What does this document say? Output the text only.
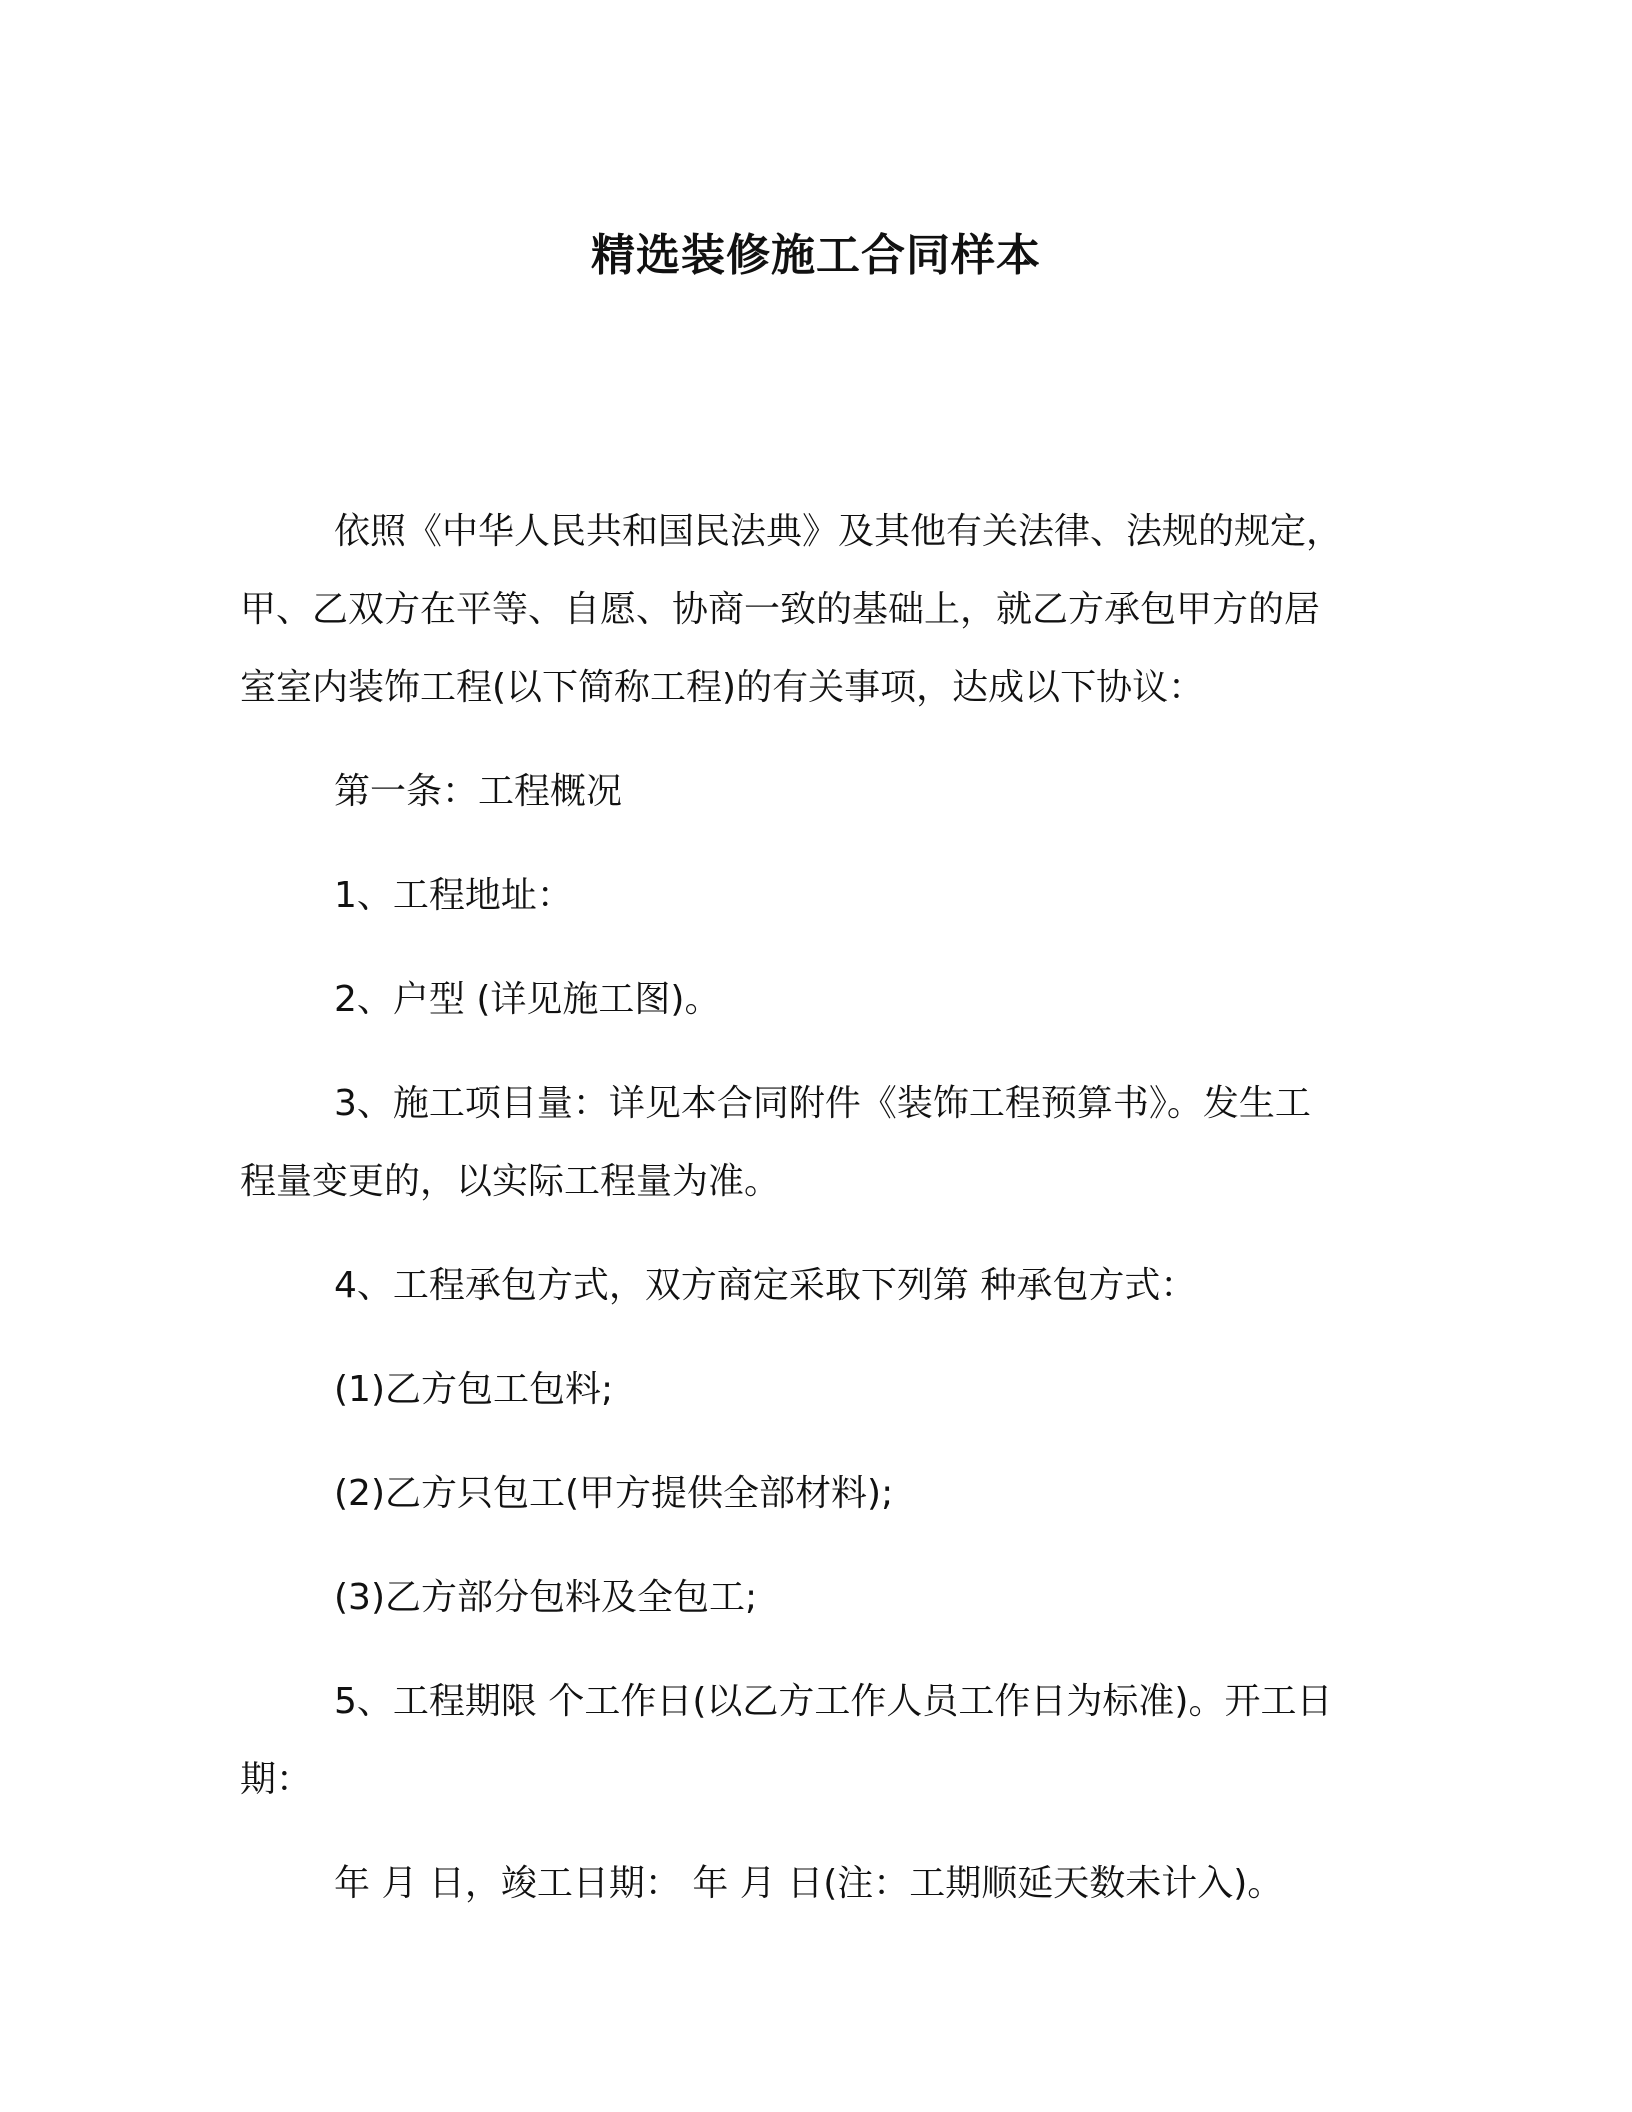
精选装修施工合同样本

依照《中华人民共和国民法典》及其他有关法律、法规的规定，
甲、乙双方在平等、自愿、协商一致的基础上，就乙方承包甲方的居
室室内装饰工程(以下简称工程)的有关事项，达成以下协议：

第一条：工程概况

1、工程地址：

2、户型 (详见施工图)。

3、施工项目量：详见本合同附件《装饰工程预算书》。发生工
程量变更的，以实际工程量为准。

4、工程承包方式，双方商定采取下列第 种承包方式：

(1)乙方包工包料;

(2)乙方只包工(甲方提供全部材料);

(3)乙方部分包料及全包工;

5、工程期限 个工作日(以乙方工作人员工作日为标准)。开工日
期：

年 月 日，竣工日期： 年 月 日(注：工期顺延天数未计入)。
